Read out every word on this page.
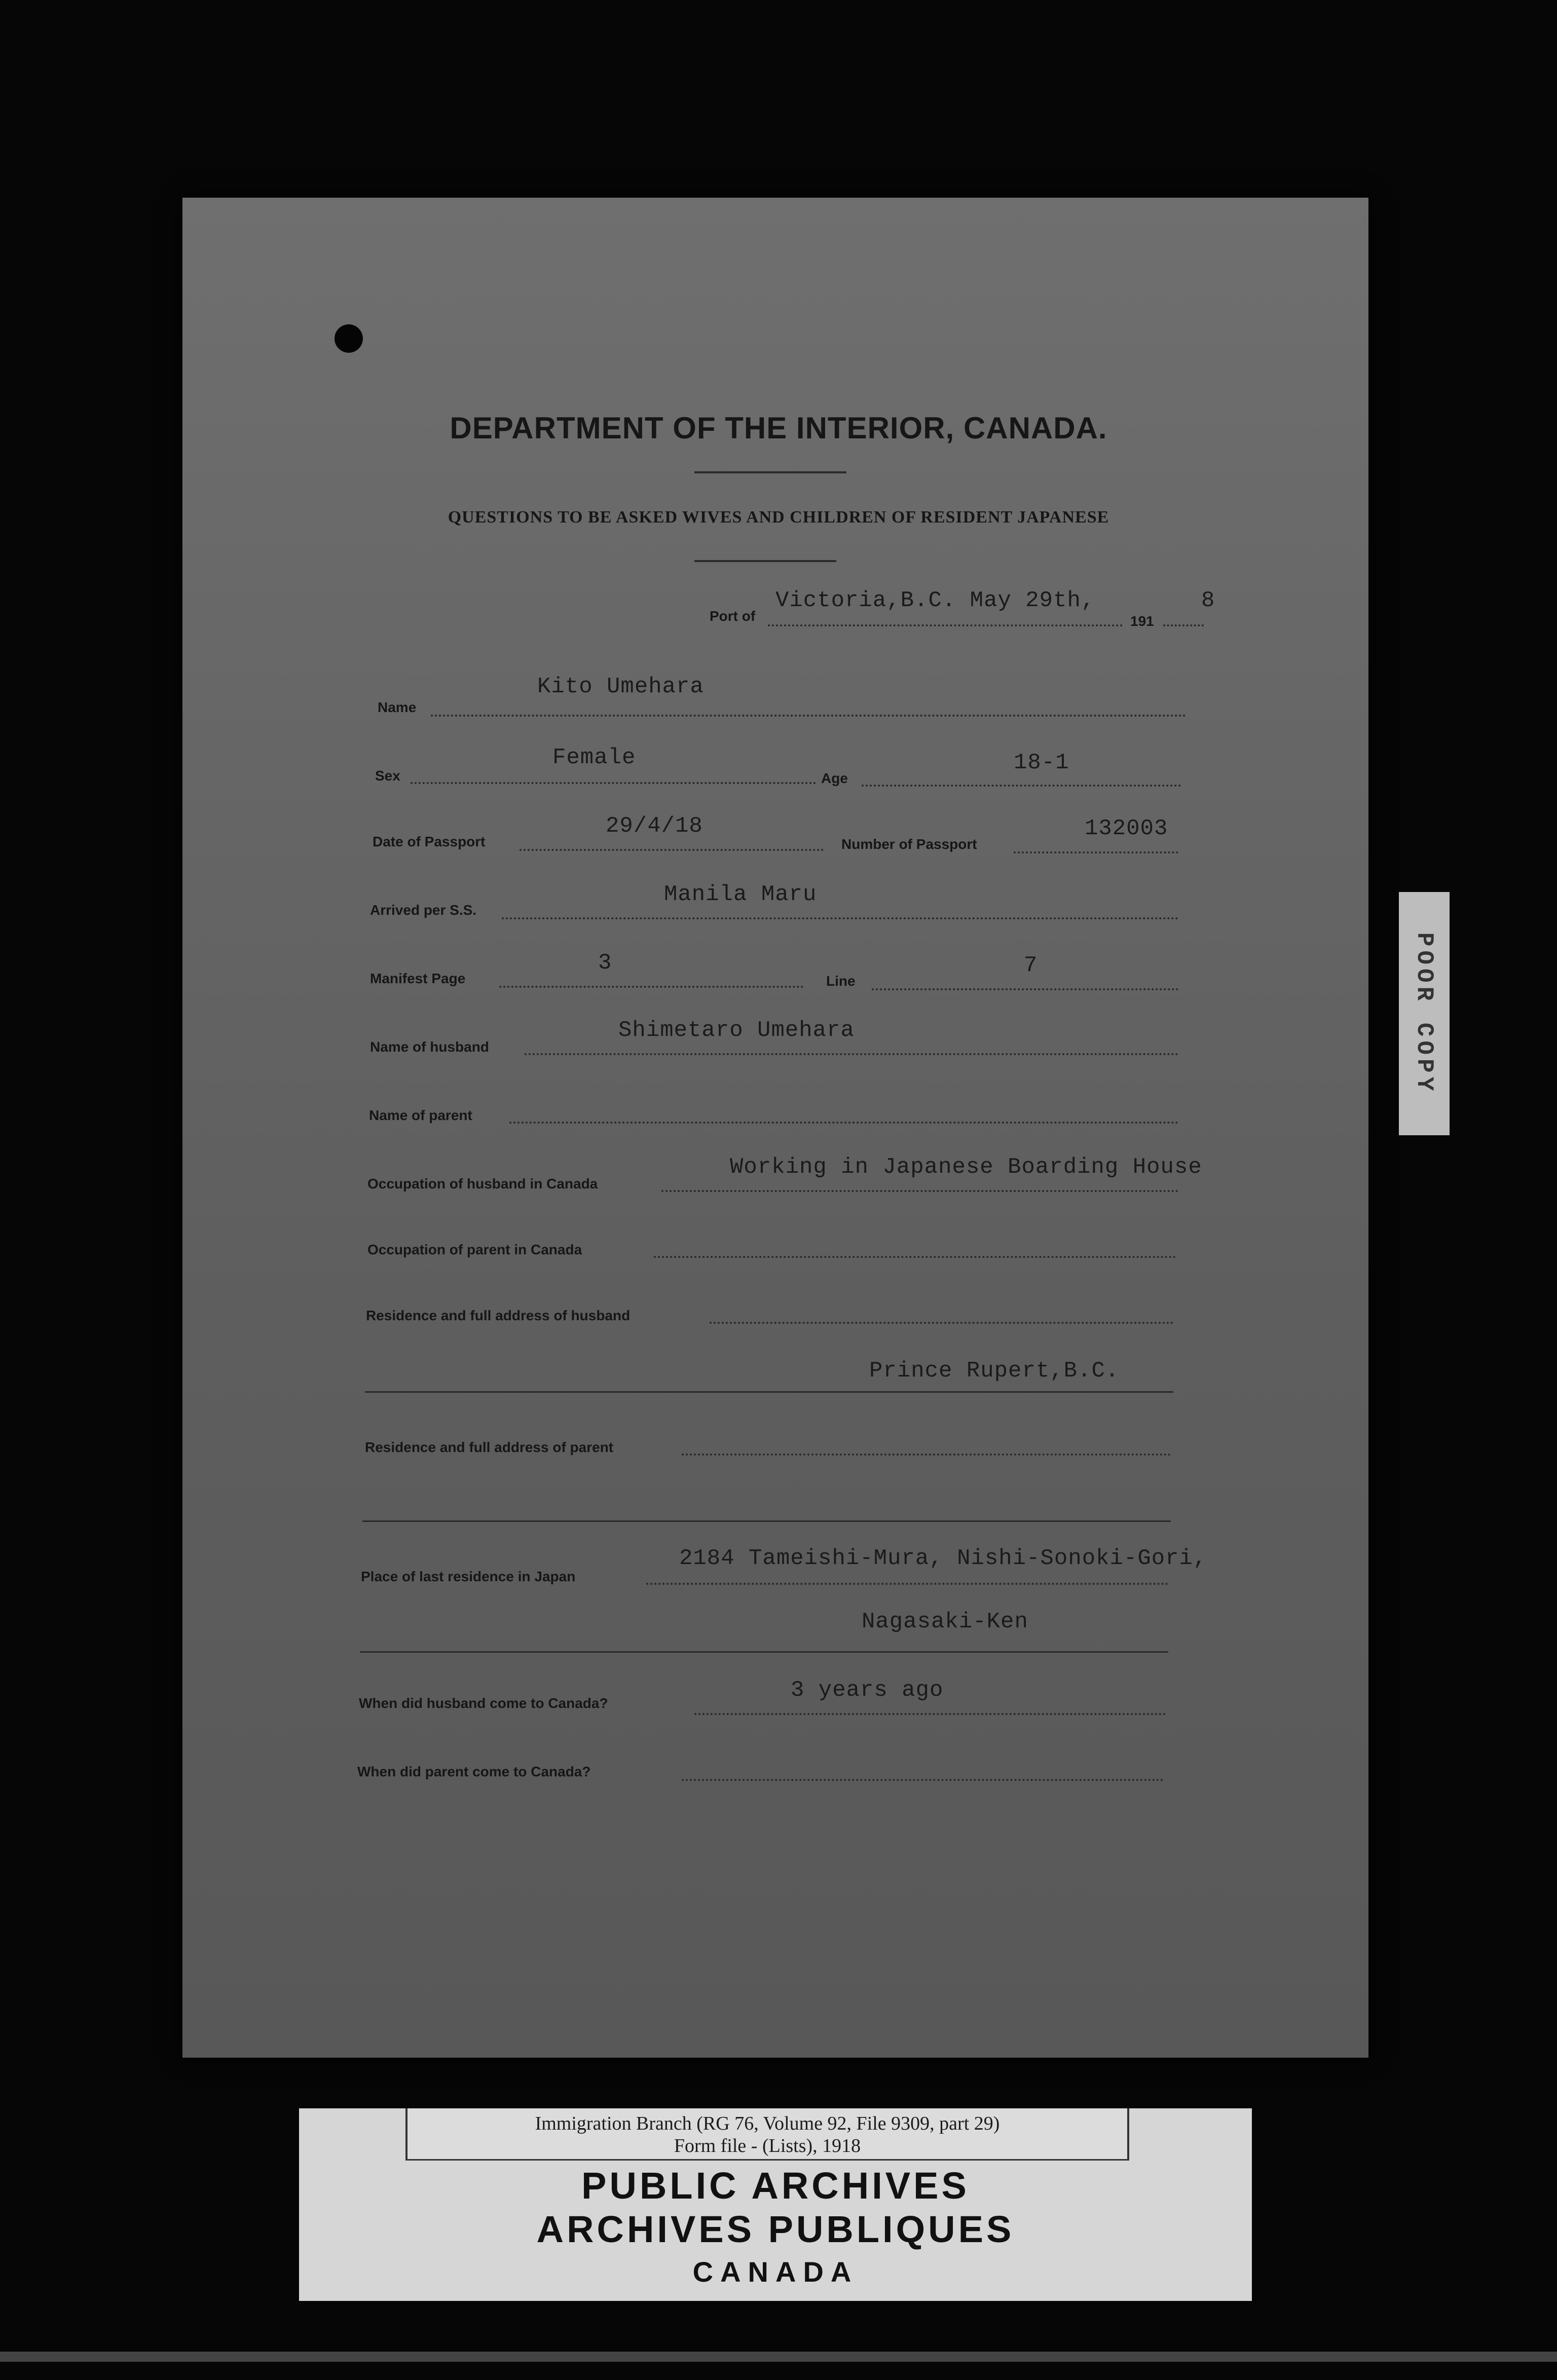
DEPARTMENT OF THE INTERIOR, CANADA.
QUESTIONS TO BE ASKED WIVES AND CHILDREN OF RESIDENT JAPANESE
Port of
Victoria,B.C. May 29th,
191
8
Name
Kito Umehara
Sex
Female
Age
18-1
Date of Passport
29/4/18
Number of Passport
132003
Arrived per S.S.
Manila Maru
Manifest Page
3
Line
7
Name of husband
Shimetaro Umehara
Name of parent
Occupation of husband in Canada
Working in Japanese Boarding House
Occupation of parent in Canada
Residence and full address of husband
Prince Rupert,B.C.
Residence and full address of parent
Place of last residence in Japan
2184 Tameishi-Mura, Nishi-Sonoki-Gori,
Nagasaki-Ken
When did husband come to Canada?
3 years ago
When did parent come to Canada?
POOR COPY
Immigration Branch (RG 76, Volume 92, File 9309, part 29)
Form file - (Lists), 1918
PUBLIC ARCHIVES
ARCHIVES PUBLIQUES
CANADA
